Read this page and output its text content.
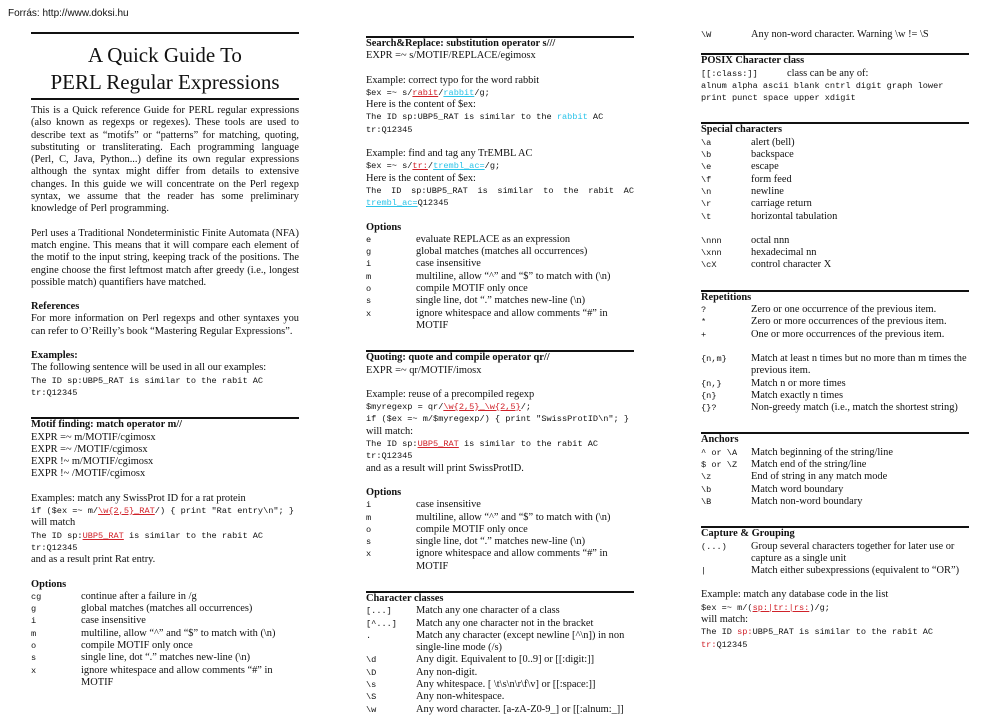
Forrás: http://www.doksi.hu
A Quick Guide To
PERL Regular Expressions
This is a Quick reference Guide for PERL regular expressions (also known as regexps or regexes). These tools are used to describe text as “motifs” or “patterns” for matching, quoting, substituting or transliterating. Each programming language (Perl, C, Java, Python...) define its own regular expressions although the syntax might differ from details to extensive changes. In this guide we will concentrate on the Perl regexp syntax, we assume that the reader has some preliminary knowledge of Perl programming.
Perl uses a Traditional Nondeterministic Finite Automata (NFA) match engine. This means that it will compare each element of the motif to the input string, keeping track of the positions. The engine choose the first leftmost match after greedy (i.e., longest possible match) quantifiers have matched.
References
For more information on Perl regexps and other syntaxes you can refer to O’Reilly’s book “Mastering Regular Expressions”.
Examples:
The following sentence will be used in all our examples:
The ID sp:UBP5_RAT is similar to the rabit AC tr:Q12345
Motif finding: match operator m//
EXPR =~ m/MOTIF/cgimosx
EXPR =~ /MOTIF/cgimosx
EXPR !~ m/MOTIF/cgimosx
EXPR !~ /MOTIF/cgimosx
Examples: match any SwissProt ID for a rat protein
if ($ex =~ m/\w{2,5}_RAT/) { print "Rat entry\n"; }
will match
The ID sp:UBP5_RAT is similar to the rabit AC tr:Q12345
and as a result print Rat entry.
Options
cg	continue after a failure in /g
g	global matches (matches all occurrences)
i	case insensitive
m	multiline, allow “^” and “$” to match with (\n)
o	compile MOTIF only once
s	single line, dot “.” matches new-line (\n)
x	ignore whitespace and allow comments “#” in MOTIF
Search&Replace: substitution operator s///
EXPR =~ s/MOTIF/REPLACE/egimosx
Example: correct typo for the word rabbit
$ex =~ s/rabit/rabbit/g;
Here is the content of $ex:
The ID sp:UBP5_RAT is similar to the rabbit AC tr:Q12345
Example: find and tag any TrEMBL AC
$ex =~ s/tr:/trembl_ac=/g;
Here is the content of $ex:
The ID sp:UBP5_RAT is similar to the rabit AC trembl_ac=Q12345
Options
e	evaluate REPLACE as an expression
g	global matches (matches all occurrences)
i	case insensitive
m	multiline, allow “^” and “$” to match with (\n)
o	compile MOTIF only once
s	single line, dot “.” matches new-line (\n)
x	ignore whitespace and allow comments “#” in MOTIF
Quoting: quote and compile operator qr//
EXPR =~ qr/MOTIF/imosx
Example: reuse of a precompiled regexp
$myregexp = qr/\w{2,5}_\w{2,5}/;
if ($ex =~ m/$myregexp/) { print "SwissProtID\n"; }
will match:
The ID sp:UBP5_RAT is similar to the rabit AC tr:Q12345
and as a result will print SwissProtID.
Options
i	case insensitive
m	multiline, allow “^” and “$” to match with (\n)
o	compile MOTIF only once
s	single line, dot “.” matches new-line (\n)
x	ignore whitespace and allow comments “#” in MOTIF
Character classes
[...]	Match any one character of a class
[^...]	Match any one character not in the bracket
.	Match any character (except newline [^\n]) in non single-line mode (/s)
\d	Any digit. Equivalent to [0..9] or [[:digit:]]
\D	Any non-digit.
\s	Any whitespace. [ \t\s\n\r\f\v] or [[:space:]]
\S	Any non-whitespace.
\w	Any word character. [a-zA-Z0-9_] or [[:alnum:_]]
\W	Any non-word character. Warning \w != \S
POSIX Character class
[[:class:]]	class can be any of:
alnum alpha ascii blank cntrl digit graph lower print punct space upper xdigit
Special characters
\a	alert (bell)
\b	backspace
\e	escape
\f	form feed
\n	newline
\r	carriage return
\t	horizontal tabulation
\nnn	octal nnn
\xnn	hexadecimal nn
\cX	control character X
Repetitions
?	Zero or one occurrence of the previous item.
*	Zero or more occurrences of the previous item.
+	One or more occurrences of the previous item.
{n,m}	Match at least n times but no more than m times the previous item.
{n,}	Match n or more times
{n}	Match exactly n times
{}?	Non-greedy match (i.e., match the shortest string)
Anchors
^ or \A	Match beginning of the string/line
$ or \Z	Match end of the string/line
\z	End of string in any match mode
\b	Match word boundary
\B	Match non-word boundary
Capture & Grouping
(...)	Group several characters together for later use or capture as a single unit
|	Match either subexpressions (equivalent to “OR”)
Example: match any database code in the list
$ex =~ m/(sp:|tr:|rs:)/g;
will match:
The ID sp:UBP5_RAT is similar to the rabit AC tr:Q12345
